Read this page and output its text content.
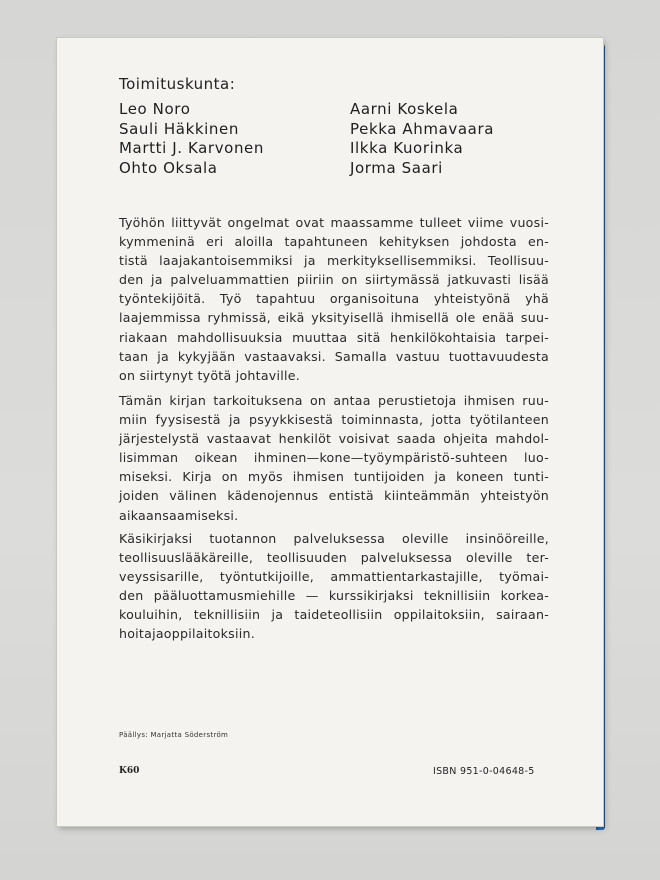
Toimituskunta:
Leo Noro
Sauli Häkkinen
Martti J. Karvonen
Ohto Oksala
Aarni Koskela
Pekka Ahmavaara
Ilkka Kuorinka
Jorma Saari
Työhön liittyvät ongelmat ovat maassamme tulleet viime vuosi-
kymmeninä eri aloilla tapahtuneen kehityksen johdosta en-
tistä laajakantoisemmiksi ja merkityksellisemmiksi. Teollisuu-
den ja palveluammattien piiriin on siirtymässä jatkuvasti lisää
työntekijöitä. Työ tapahtuu organisoituna yhteistyönä yhä
laajemmissa ryhmissä, eikä yksityisellä ihmisellä ole enää suu-
riakaan mahdollisuuksia muuttaa sitä henkilökohtaisia tarpei-
taan ja kykyjään vastaavaksi. Samalla vastuu tuottavuudesta
on siirtynyt työtä johtaville.
Tämän kirjan tarkoituksena on antaa perustietoja ihmisen ruu-
miin fyysisestä ja psyykkisestä toiminnasta, jotta työtilanteen
järjestelystä vastaavat henkilöt voisivat saada ohjeita mahdol-
lisimman oikean ihminen—kone—työympäristö-suhteen luo-
miseksi. Kirja on myös ihmisen tuntijoiden ja koneen tunti-
joiden välinen kädenojennus entistä kiinteämmän yhteistyön
aikaansaamiseksi.
Käsikirjaksi tuotannon palveluksessa oleville insinööreille,
teollisuuslääkäreille, teollisuuden palveluksessa oleville ter-
veyssisarille, työntutkijoille, ammattientarkastajille, työmai-
den pääluottamusmiehille — kurssikirjaksi teknillisiin korkea-
kouluihin, teknillisiin ja taideteollisiin oppilaitoksiin, sairaan-
hoitajaoppilaitoksiin.
Päällys: Marjatta Söderström
K60	ISBN 951-0-04648-5
